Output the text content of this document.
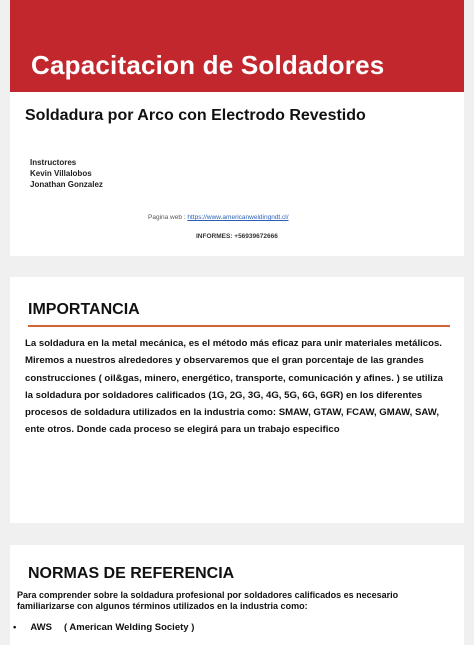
Capacitacion de Soldadores
Soldadura por Arco con Electrodo Revestido
Instructores
Kevin Villalobos
Jonathan Gonzalez
Pagina web : https://www.americanweldingndt.cl/
INFORMES: +56939672666
IMPORTANCIA
La soldadura en la metal mecánica, es el método más eficaz para unir materiales metálicos. Miremos a nuestros alrededores y observaremos que el gran porcentaje de las grandes construcciones ( oil&gas, minero, energético, transporte, comunicación y afines. ) se utiliza la soldadura por soldadores calificados (1G, 2G, 3G, 4G, 5G, 6G, 6GR) en los diferentes procesos de soldadura utilizados en la industria como: SMAW, GTAW, FCAW, GMAW, SAW, ente otros. Donde cada proceso se elegirá para un trabajo especifico
NORMAS DE REFERENCIA
Para comprender sobre la soldadura profesional por soldadores calificados es necesario familiarizarse con algunos términos utilizados en la industria como:
• AWS ( American Welding Society )
